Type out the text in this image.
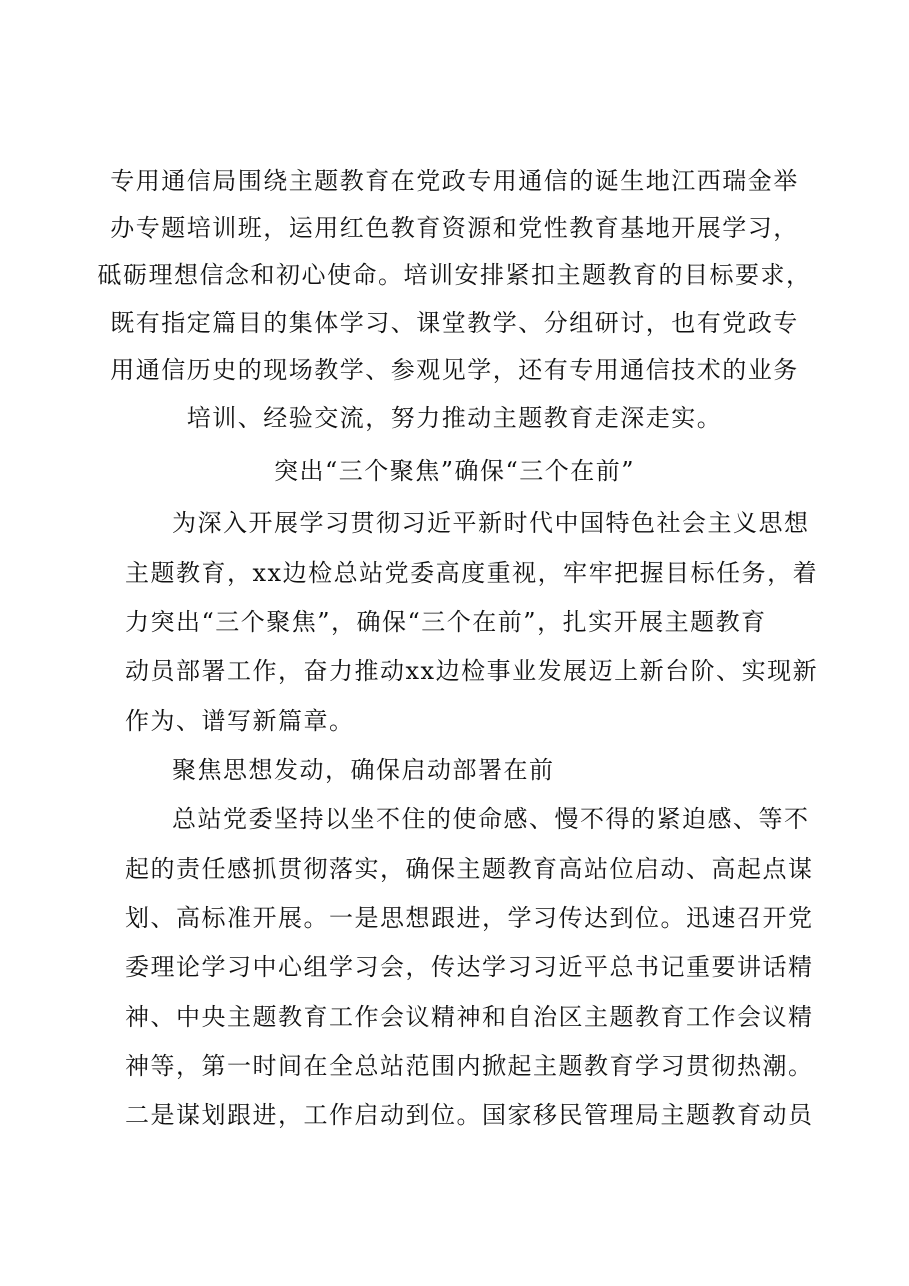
专用通信局围绕主题教育在党政专用通信的诞生地江西瑞金举
办专题培训班，运用红色教育资源和党性教育基地开展学习，
砥砺理想信念和初心使命。培训安排紧扣主题教育的目标要求，
既有指定篇目的集体学习、课堂教学、分组研讨，也有党政专
用通信历史的现场教学、参观见学，还有专用通信技术的业务
培训、经验交流，努力推动主题教育走深走实。
突出“三个聚焦”确保“三个在前”
为深入开展学习贯彻习近平新时代中国特色社会主义思想
主题教育，xx边检总站党委高度重视，牢牢把握目标任务，着
力突出“三个聚焦”，确保“三个在前”，扎实开展主题教育
动员部署工作，奋力推动xx边检事业发展迈上新台阶、实现新
作为、谱写新篇章。
聚焦思想发动，确保启动部署在前
总站党委坚持以坐不住的使命感、慢不得的紧迫感、等不
起的责任感抓贯彻落实，确保主题教育高站位启动、高起点谋
划、高标准开展。一是思想跟进，学习传达到位。迅速召开党
委理论学习中心组学习会，传达学习习近平总书记重要讲话精
神、中央主题教育工作会议精神和自治区主题教育工作会议精
神等，第一时间在全总站范围内掀起主题教育学习贯彻热潮。
二是谋划跟进，工作启动到位。国家移民管理局主题教育动员
